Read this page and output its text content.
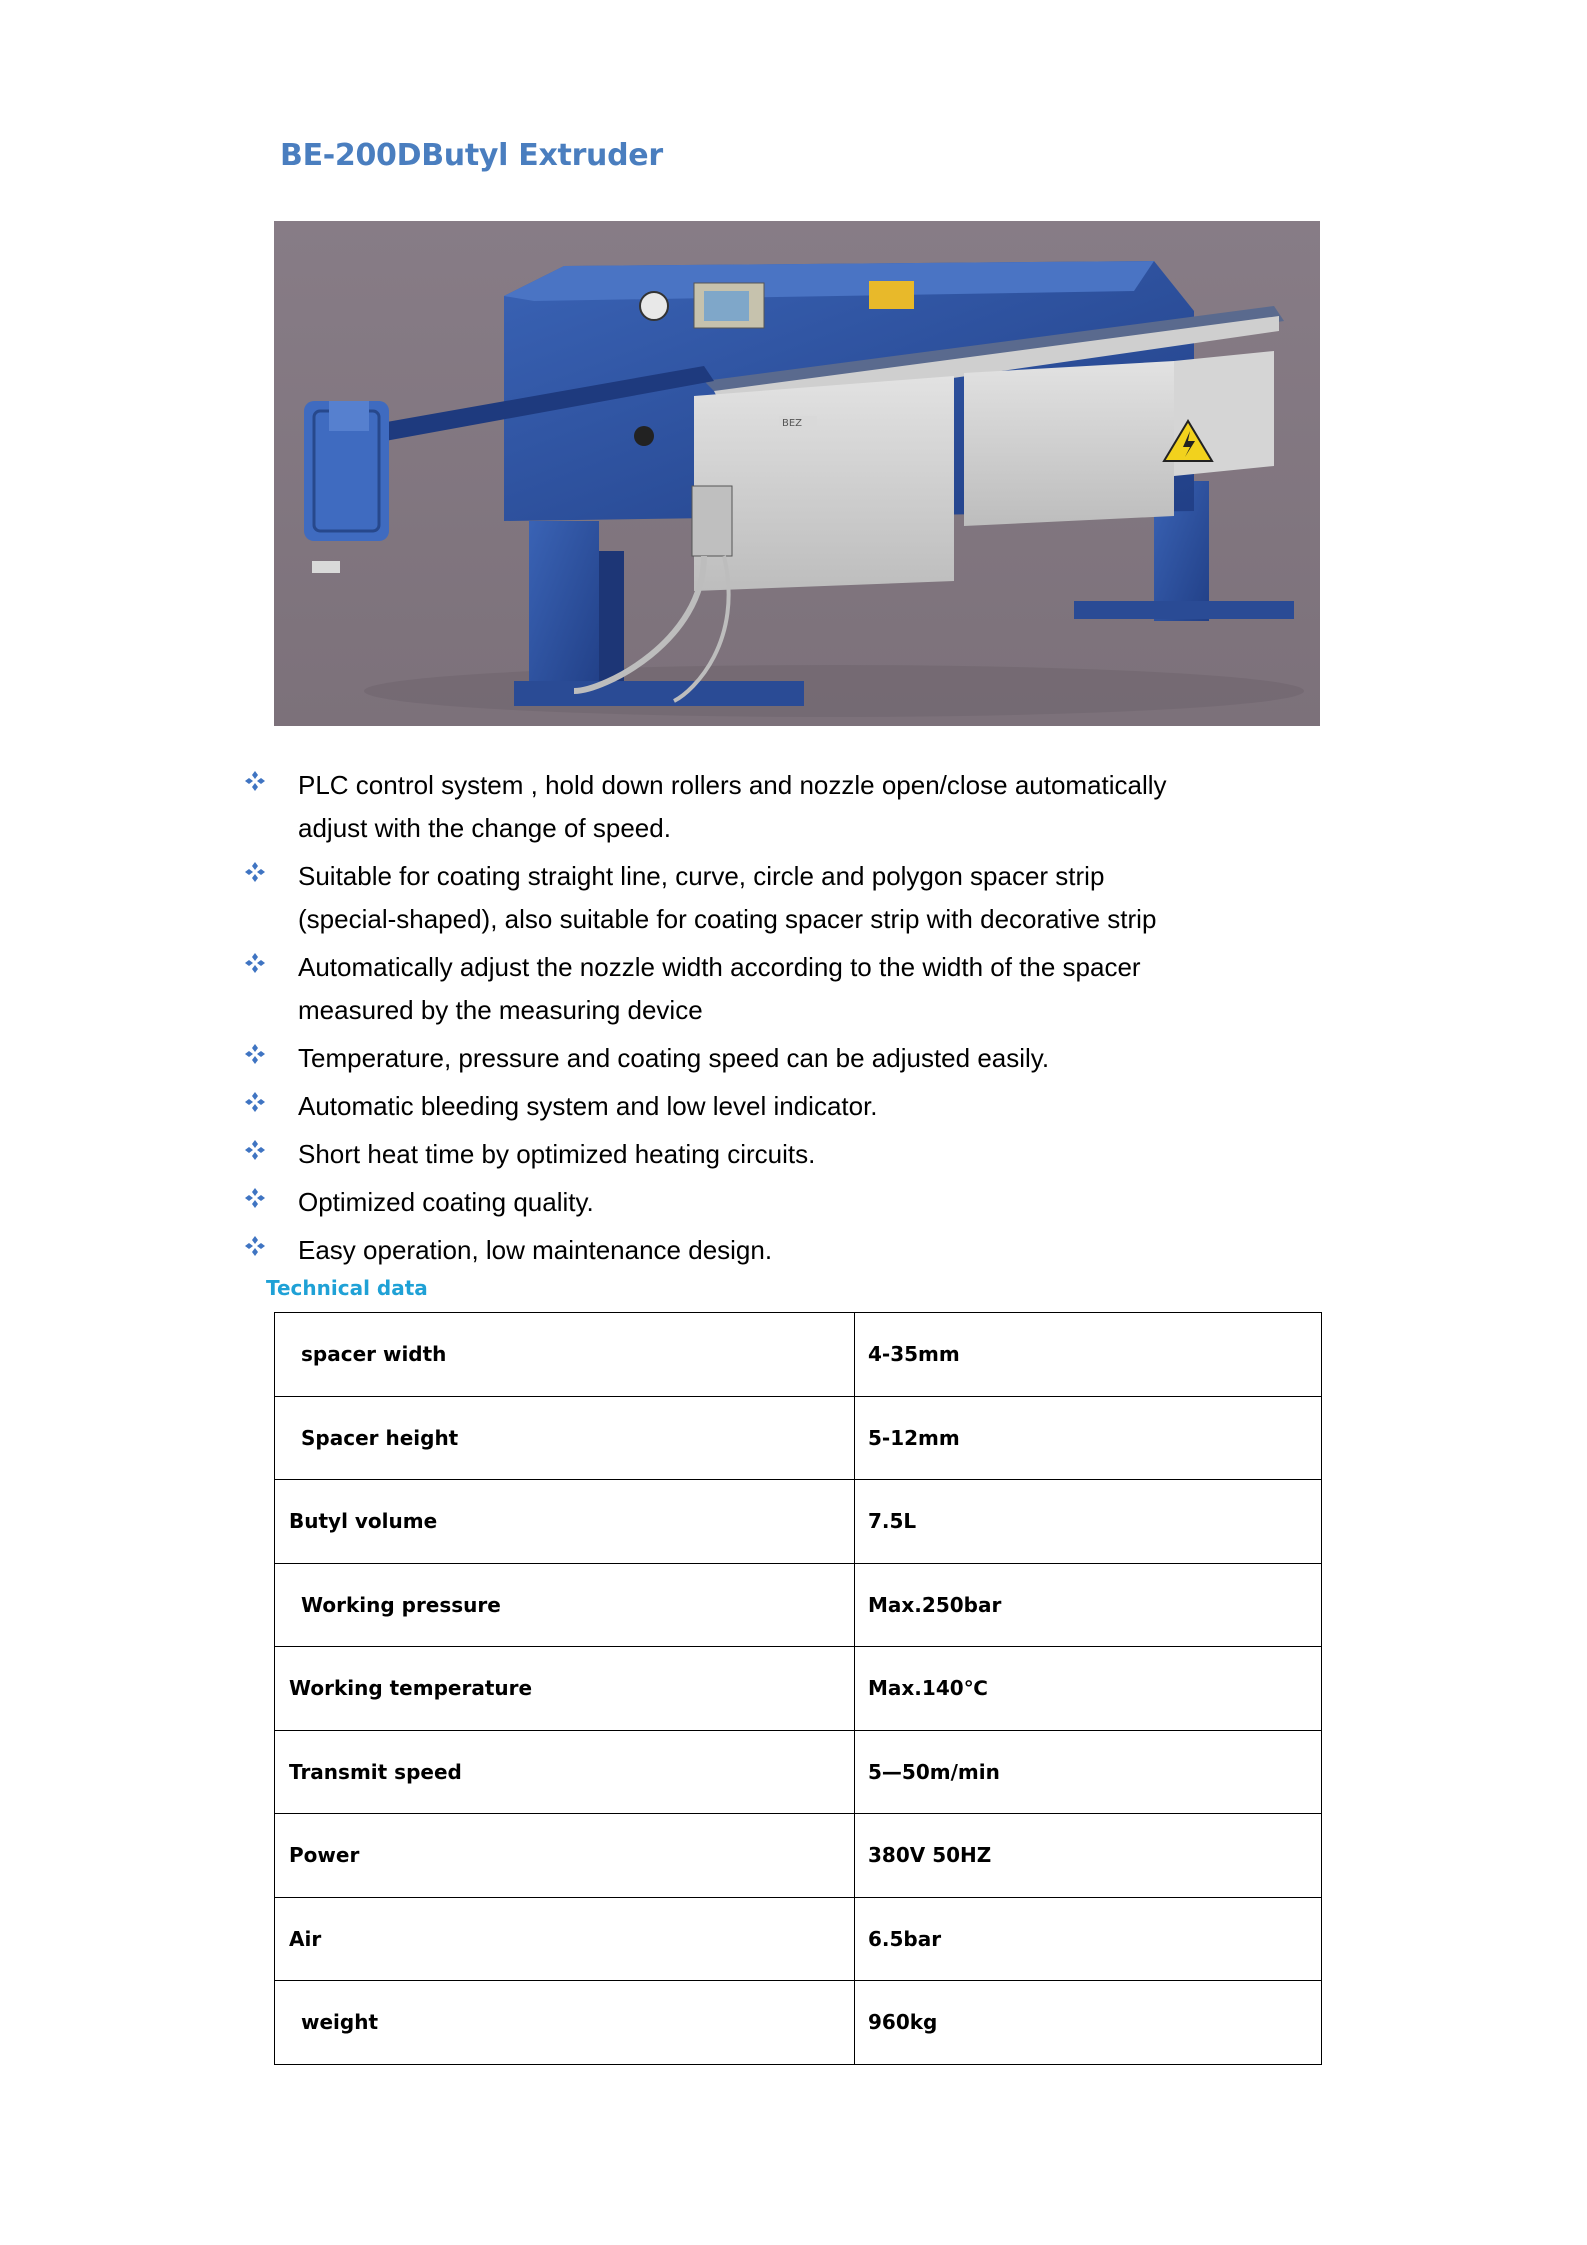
BE-200DButyl Extruder
BEZ
PLC control system , hold down rollers and nozzle open/close automatically
adjust with the change of speed.
Suitable for coating straight line, curve, circle and polygon spacer strip
(special-shaped), also suitable for coating spacer strip with decorative strip
Automatically adjust the nozzle width according to the width of the spacer
measured by the measuring device
Temperature, pressure and coating speed can be adjusted easily.
Automatic bleeding system and low level indicator.
Short heat time by optimized heating circuits.
Optimized coating quality.
Easy operation, low maintenance design.
Technical data
spacer width	4-35mm
Spacer height	5-12mm
Butyl volume	7.5L
Working pressure	Max.250bar
Working temperature	Max.140℃
Transmit speed	5—50m/min
Power	380V 50HZ
Air	6.5bar
weight	960kg
